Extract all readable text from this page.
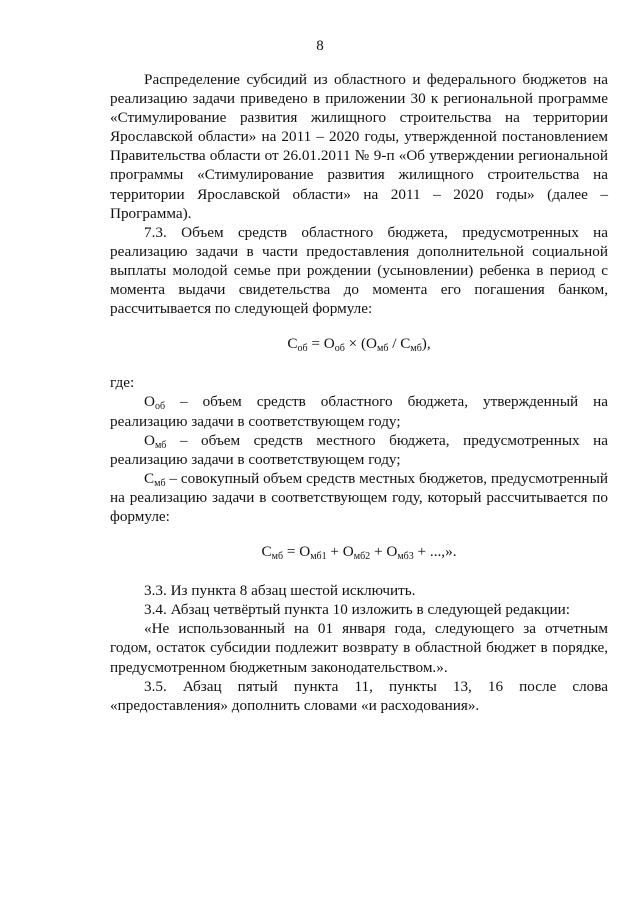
8

Распределение субсидий из областного и федерального бюджетов на реализацию задачи приведено в приложении 30 к региональной программе «Стимулирование развития жилищного строительства на территории Ярославской области» на 2011 – 2020 годы, утвержденной постановлением Правительства области от 26.01.2011 № 9-п «Об утверждении региональной программы «Стимулирование развития жилищного строительства на территории Ярославской области» на 2011 – 2020 годы» (далее – Программа).

7.3. Объем средств областного бюджета, предусмотренных на реализацию задачи в части предоставления дополнительной социальной выплаты молодой семье при рождении (усыновлении) ребенка в период с момента выдачи свидетельства до момента его погашения банком, рассчитывается по следующей формуле:

$С_{об} = О_{об} \times (О_{мб} / С_{мб})$,

где:

$О_{об}$ – объем средств областного бюджета, утвержденный на реализацию задачи в соответствующем году;

$О_{мб}$ – объем средств местного бюджета, предусмотренных на реализацию задачи в соответствующем году;

$С_{мб}$ – совокупный объем средств местных бюджетов, предусмотренный на реализацию задачи в соответствующем году, который рассчитывается по формуле:

$С_{мб} = О_{мб1} + О_{мб2} + О_{мб3}$ + ...,».

3.3. Из пункта 8 абзац шестой исключить.

3.4. Абзац четвёртый пункта 10 изложить в следующей редакции:

«Не использованный на 01 января года, следующего за отчетным годом, остаток субсидии подлежит возврату в областной бюджет в порядке, предусмотренном бюджетным законодательством.».

3.5. Абзац пятый пункта 11, пункты 13, 16 после слова «предоставления» дополнить словами «и расходования».
